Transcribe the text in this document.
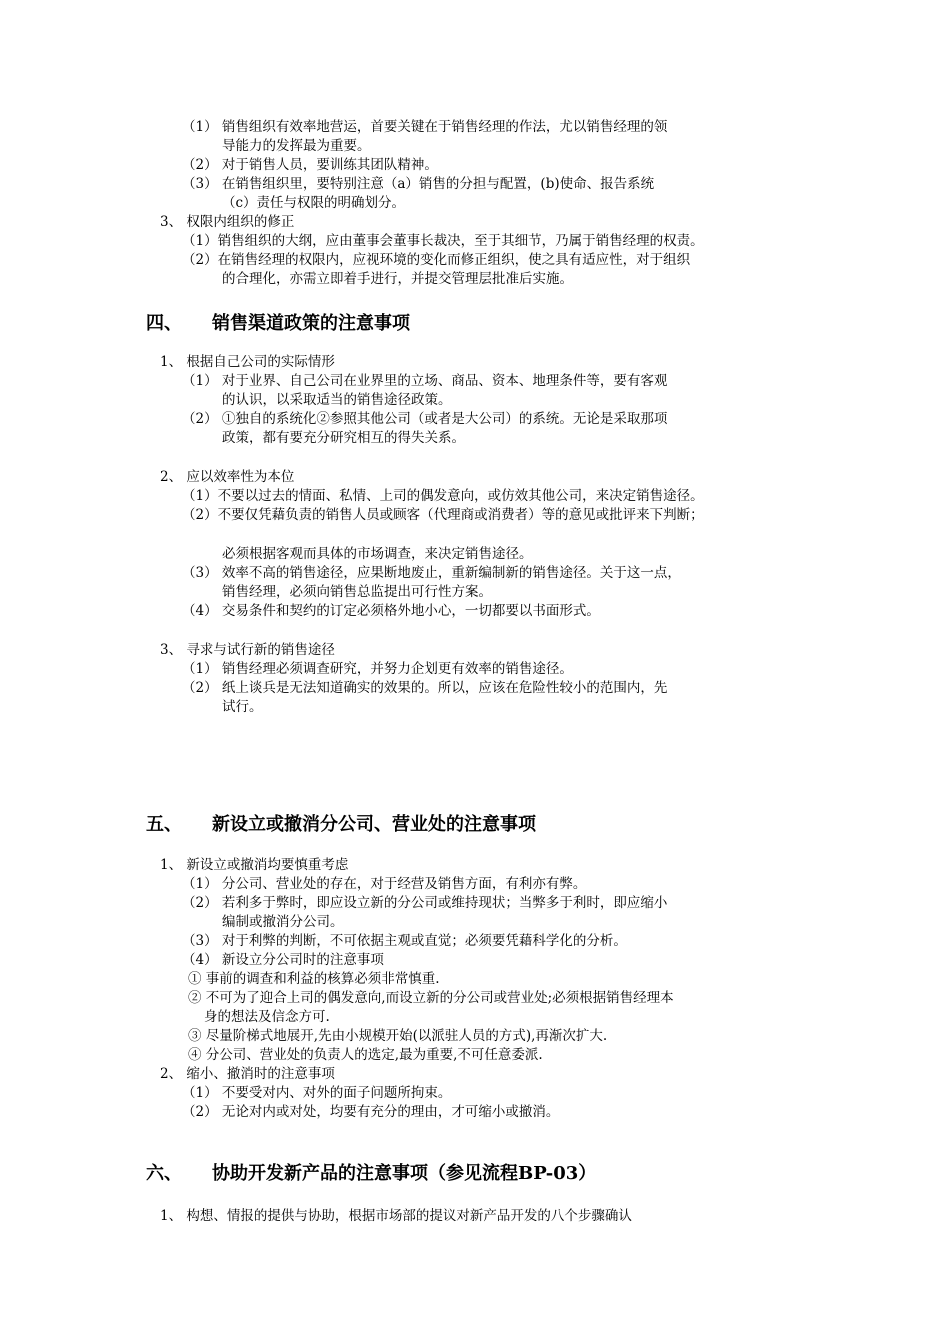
（1） 销售组织有效率地营运，首要关键在于销售经理的作法，尤以销售经理的领
导能力的发挥最为重要。
（2） 对于销售人员，要训练其团队精神。
（3） 在销售组织里，要特别注意（a）销售的分担与配置，(b)使命、报告系统
（c）责任与权限的明确划分。
3、 权限内组织的修正
（1）销售组织的大纲，应由董事会董事长裁决，至于其细节，乃属于销售经理的权责。
（2）在销售经理的权限内，应视环境的变化而修正组织，使之具有适应性，对于组织
的合理化，亦需立即着手进行，并提交管理层批准后实施。
四、 销售渠道政策的注意事项
1、 根据自己公司的实际情形
（1） 对于业界、自己公司在业界里的立场、商品、资本、地理条件等，要有客观
的认识，以采取适当的销售途径政策。
（2） ①独自的系统化②参照其他公司（或者是大公司）的系统。无论是采取那项
政策，都有要充分研究相互的得失关系。
2、 应以效率性为本位
（1）不要以过去的情面、私情、上司的偶发意向，或仿效其他公司，来决定销售途径。
（2）不要仅凭藉负责的销售人员或顾客（代理商或消费者）等的意见或批评来下判断；
必须根据客观而具体的市场调查，来决定销售途径。
（3） 效率不高的销售途径，应果断地废止，重新编制新的销售途径。关于这一点，
销售经理，必须向销售总监提出可行性方案。
（4） 交易条件和契约的订定必须格外地小心，一切都要以书面形式。
3、 寻求与试行新的销售途径
（1） 销售经理必须调查研究，并努力企划更有效率的销售途径。
（2） 纸上谈兵是无法知道确实的效果的。所以，应该在危险性较小的范围内，先
试行。
五、 新设立或撤消分公司、营业处的注意事项
1、 新设立或撤消均要慎重考虑
（1） 分公司、营业处的存在，对于经营及销售方面，有利亦有弊。
（2） 若利多于弊时，即应设立新的分公司或维持现状；当弊多于利时，即应缩小
编制或撤消分公司。
（3） 对于利弊的判断，不可依据主观或直觉；必须要凭藉科学化的分析。
（4） 新设立分公司时的注意事项
① 事前的调查和利益的核算必须非常慎重.
② 不可为了迎合上司的偶发意向,而设立新的分公司或营业处;必须根据销售经理本
身的想法及信念方可.
③ 尽量阶梯式地展开,先由小规模开始(以派驻人员的方式),再渐次扩大.
④ 分公司、营业处的负责人的选定,最为重要,不可任意委派.
2、 缩小、撤消时的注意事项
（1） 不要受对内、对外的面子问题所拘束。
（2） 无论对内或对处，均要有充分的理由，才可缩小或撤消。
六、 协助开发新产品的注意事项（参见流程BP-03）
1、 构想、情报的提供与协助，根据市场部的提议对新产品开发的八个步骤确认
